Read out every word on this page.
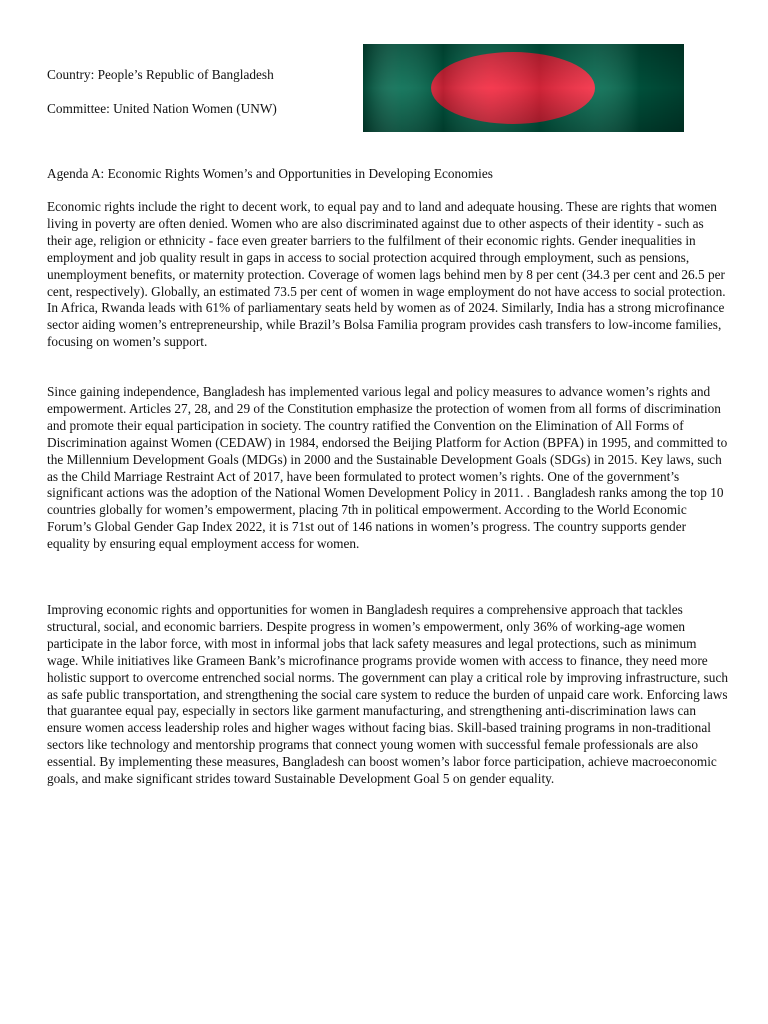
Country: People’s Republic of Bangladesh
Committee: United Nation Women (UNW)
Agenda A: Economic Rights Women’s and Opportunities in Developing Economies

Economic rights include the right to decent work, to equal pay and to land and adequate housing. These are rights that women living in poverty are often denied. Women who are also discriminated against due to other aspects of their identity - such as their age, religion or ethnicity - face even greater barriers to the fulfilment of their economic rights. Gender inequalities in employment and job quality result in gaps in access to social protection acquired through employment, such as pensions, unemployment benefits, or maternity protection. Coverage of women lags behind men by 8 per cent (34.3 per cent and 26.5 per cent, respectively). Globally, an estimated 73.5 per cent of women in wage employment do not have access to social protection. In Africa, Rwanda leads with 61% of parliamentary seats held by women as of 2024. Similarly, India has a strong microfinance sector aiding women’s entrepreneurship, while Brazil’s Bolsa Familia program provides cash transfers to low-income families, focusing on women’s support.

Since gaining independence, Bangladesh has implemented various legal and policy measures to advance women’s rights and empowerment. Articles 27, 28, and 29 of the Constitution emphasize the protection of women from all forms of discrimination and promote their equal participation in society. The country ratified the Convention on the Elimination of All Forms of Discrimination against Women (CEDAW) in 1984, endorsed the Beijing Platform for Action (BPFA) in 1995, and committed to the Millennium Development Goals (MDGs) in 2000 and the Sustainable Development Goals (SDGs) in 2015. Key laws, such as the Child Marriage Restraint Act of 2017, have been formulated to protect women’s rights. One of the government’s significant actions was the adoption of the National Women Development Policy in 2011. . Bangladesh ranks among the top 10 countries globally for women’s empowerment, placing 7th in political empowerment. According to the World Economic Forum’s Global Gender Gap Index 2022, it is 71st out of 146 nations in women’s progress. The country supports gender equality by ensuring equal employment access for women.

Improving economic rights and opportunities for women in Bangladesh requires a comprehensive approach that tackles structural, social, and economic barriers. Despite progress in women’s empowerment, only 36% of working-age women participate in the labor force, with most in informal jobs that lack safety measures and legal protections, such as minimum wage. While initiatives like Grameen Bank’s microfinance programs provide women with access to finance, they need more holistic support to overcome entrenched social norms. The government can play a critical role by improving infrastructure, such as safe public transportation, and strengthening the social care system to reduce the burden of unpaid care work. Enforcing laws that guarantee equal pay, especially in sectors like garment manufacturing, and strengthening anti-discrimination laws can ensure women access leadership roles and higher wages without facing bias. Skill-based training programs in non-traditional sectors like technology and mentorship programs that connect young women with successful female professionals are also essential. By implementing these measures, Bangladesh can boost women’s labor force participation, achieve macroeconomic goals, and make significant strides toward Sustainable Development Goal 5 on gender equality.
